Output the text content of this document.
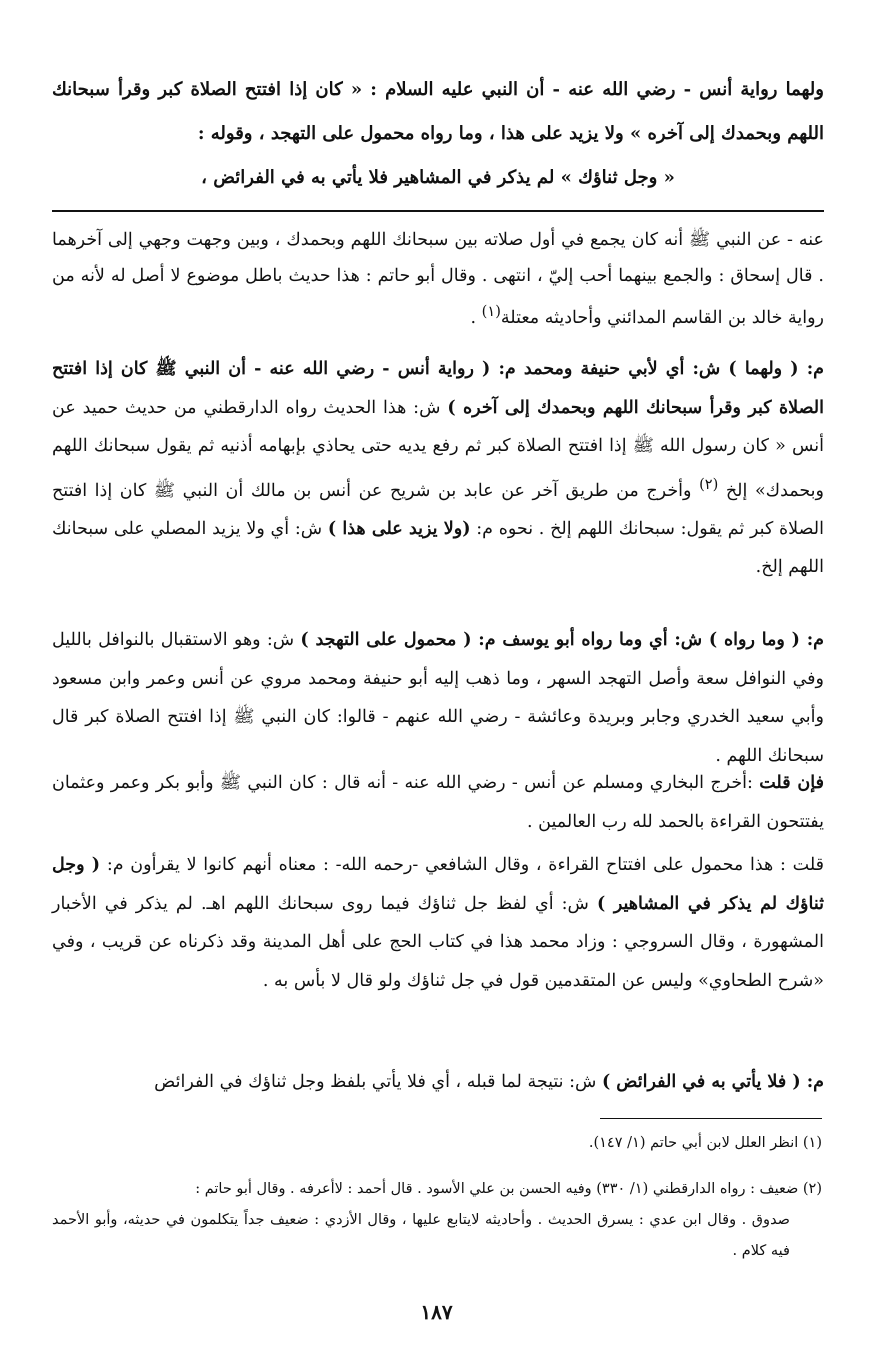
ولهما رواية أنس - رضي الله عنه - أن النبي عليه السلام : « كان إذا افتتح الصلاة كبر وقرأ سبحانك اللهم وبحمدك إلى آخره » ولا يزيد على هذا ، وما رواه محمول على التهجد ، وقوله :
« وجل ثناؤك » لم يذكر في المشاهير فلا يأتي به في الفرائض ،
عنه - عن النبي ﷺ أنه كان يجمع في أول صلاته بين سبحانك اللهم وبحمدك ، وبين وجهت وجهي إلى آخرهما . قال إسحاق : والجمع بينهما أحب إليّ ، انتهى . وقال أبو حاتم : هذا حديث باطل موضوع لا أصل له لأنه من رواية خالد بن القاسم المدائني وأحاديثه معتلة$^{(١)}$ .
م: ( ولهما ) ش: أي لأبي حنيفة ومحمد م: ( رواية أنس - رضي الله عنه - أن النبي ﷺ كان إذا افتتح الصلاة كبر وقرأ سبحانك اللهم وبحمدك إلى آخره ) ش: هذا الحديث رواه الدارقطني من حديث حميد عن أنس « كان رسول الله ﷺ إذا افتتح الصلاة كبر ثم رفع يديه حتى يحاذي بإبهامه أذنيه ثم يقول سبحانك اللهم وبحمدك» إلخ $^{(٢)}$ وأخرج من طريق آخر عن عابد بن شريح عن أنس بن مالك أن النبي ﷺ كان إذا افتتح الصلاة كبر ثم يقول: سبحانك اللهم إلخ . نحوه م: (ولا يزيد على هذا ) ش: أي ولا يزيد المصلي على سبحانك اللهم إلخ.
م: ( وما رواه ) ش: أي وما رواه أبو يوسف م: ( محمول على التهجد ) ش: وهو الاستقبال بالنوافل بالليل وفي النوافل سعة وأصل التهجد السهر ، وما ذهب إليه أبو حنيفة ومحمد مروي عن أنس وعمر وابن مسعود وأبي سعيد الخدري وجابر وبريدة وعائشة - رضي الله عنهم - قالوا: كان النبي ﷺ إذا افتتح الصلاة كبر قال سبحانك اللهم .
فإن قلت :أخرج البخاري ومسلم عن أنس - رضي الله عنه - أنه قال : كان النبي ﷺ وأبو بكر وعمر وعثمان يفتتحون القراءة بالحمد لله رب العالمين .
قلت : هذا محمول على افتتاح القراءة ، وقال الشافعي -رحمه الله- : معناه أنهم كانوا لا يقرأون م: ( وجل ثناؤك لم يذكر في المشاهير ) ش: أي لفظ جل ثناؤك فيما روى سبحانك اللهم اهـ. لم يذكر في الأخبار المشهورة ، وقال السروجي : وزاد محمد هذا في كتاب الحج على أهل المدينة وقد ذكرناه عن قريب ، وفي «شرح الطحاوي» وليس عن المتقدمين قول في جل ثناؤك ولو قال لا بأس به .
م: ( فلا يأتي به في الفرائض ) ش: نتيجة لما قبله ، أي فلا يأتي بلفظ وجل ثناؤك في الفرائض
(١) انظر العلل لابن أبي حاتم (١/ ١٤٧).
(٢) ضعيف : رواه الدارقطني (١/ ٣٣٠) وفيه الحسن بن علي الأسود . قال أحمد : لاأعرفه . وقال أبو حاتم :
صدوق . وقال ابن عدي : يسرق الحديث . وأحاديثه لايتابع عليها ، وقال الأزدي : ضعيف جداً يتكلمون في حديثه، وأبو الأحمد فيه كلام .
١٨٧
